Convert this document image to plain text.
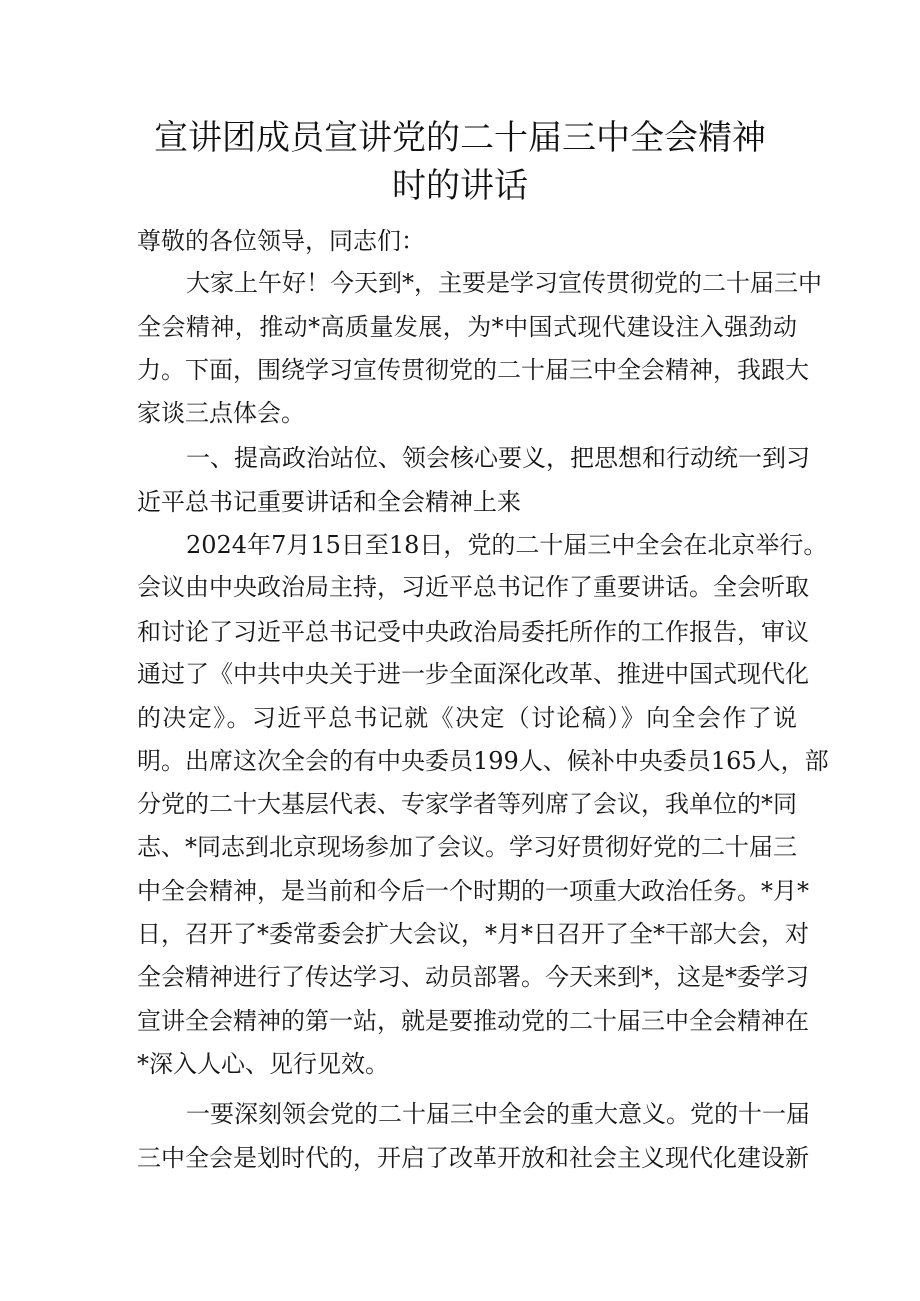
宣讲团成员宣讲党的二十届三中全会精神
时的讲话
尊敬的各位领导，同志们：
大家上午好！今天到*，主要是学习宣传贯彻党的二十届三中
全会精神，推动*高质量发展，为*中国式现代建设注入强劲动
力。下面，围绕学习宣传贯彻党的二十届三中全会精神，我跟大
家谈三点体会。
一、提高政治站位、领会核心要义，把思想和行动统一到习
近平总书记重要讲话和全会精神上来
2024年7月15日至18日，党的二十届三中全会在北京举行。
会议由中央政治局主持，习近平总书记作了重要讲话。全会听取
和讨论了习近平总书记受中央政治局委托所作的工作报告，审议
通过了《中共中央关于进一步全面深化改革、推进中国式现代化
的决定》。习近平总书记就《决定（讨论稿）》向全会作了说
明。出席这次全会的有中央委员199人、候补中央委员165人，部
分党的二十大基层代表、专家学者等列席了会议，我单位的*同
志、*同志到北京现场参加了会议。学习好贯彻好党的二十届三
中全会精神，是当前和今后一个时期的一项重大政治任务。*月*
日，召开了*委常委会扩大会议，*月*日召开了全*干部大会，对
全会精神进行了传达学习、动员部署。今天来到*，这是*委学习
宣讲全会精神的第一站，就是要推动党的二十届三中全会精神在
*深入人心、见行见效。
一要深刻领会党的二十届三中全会的重大意义。党的十一届
三中全会是划时代的，开启了改革开放和社会主义现代化建设新
